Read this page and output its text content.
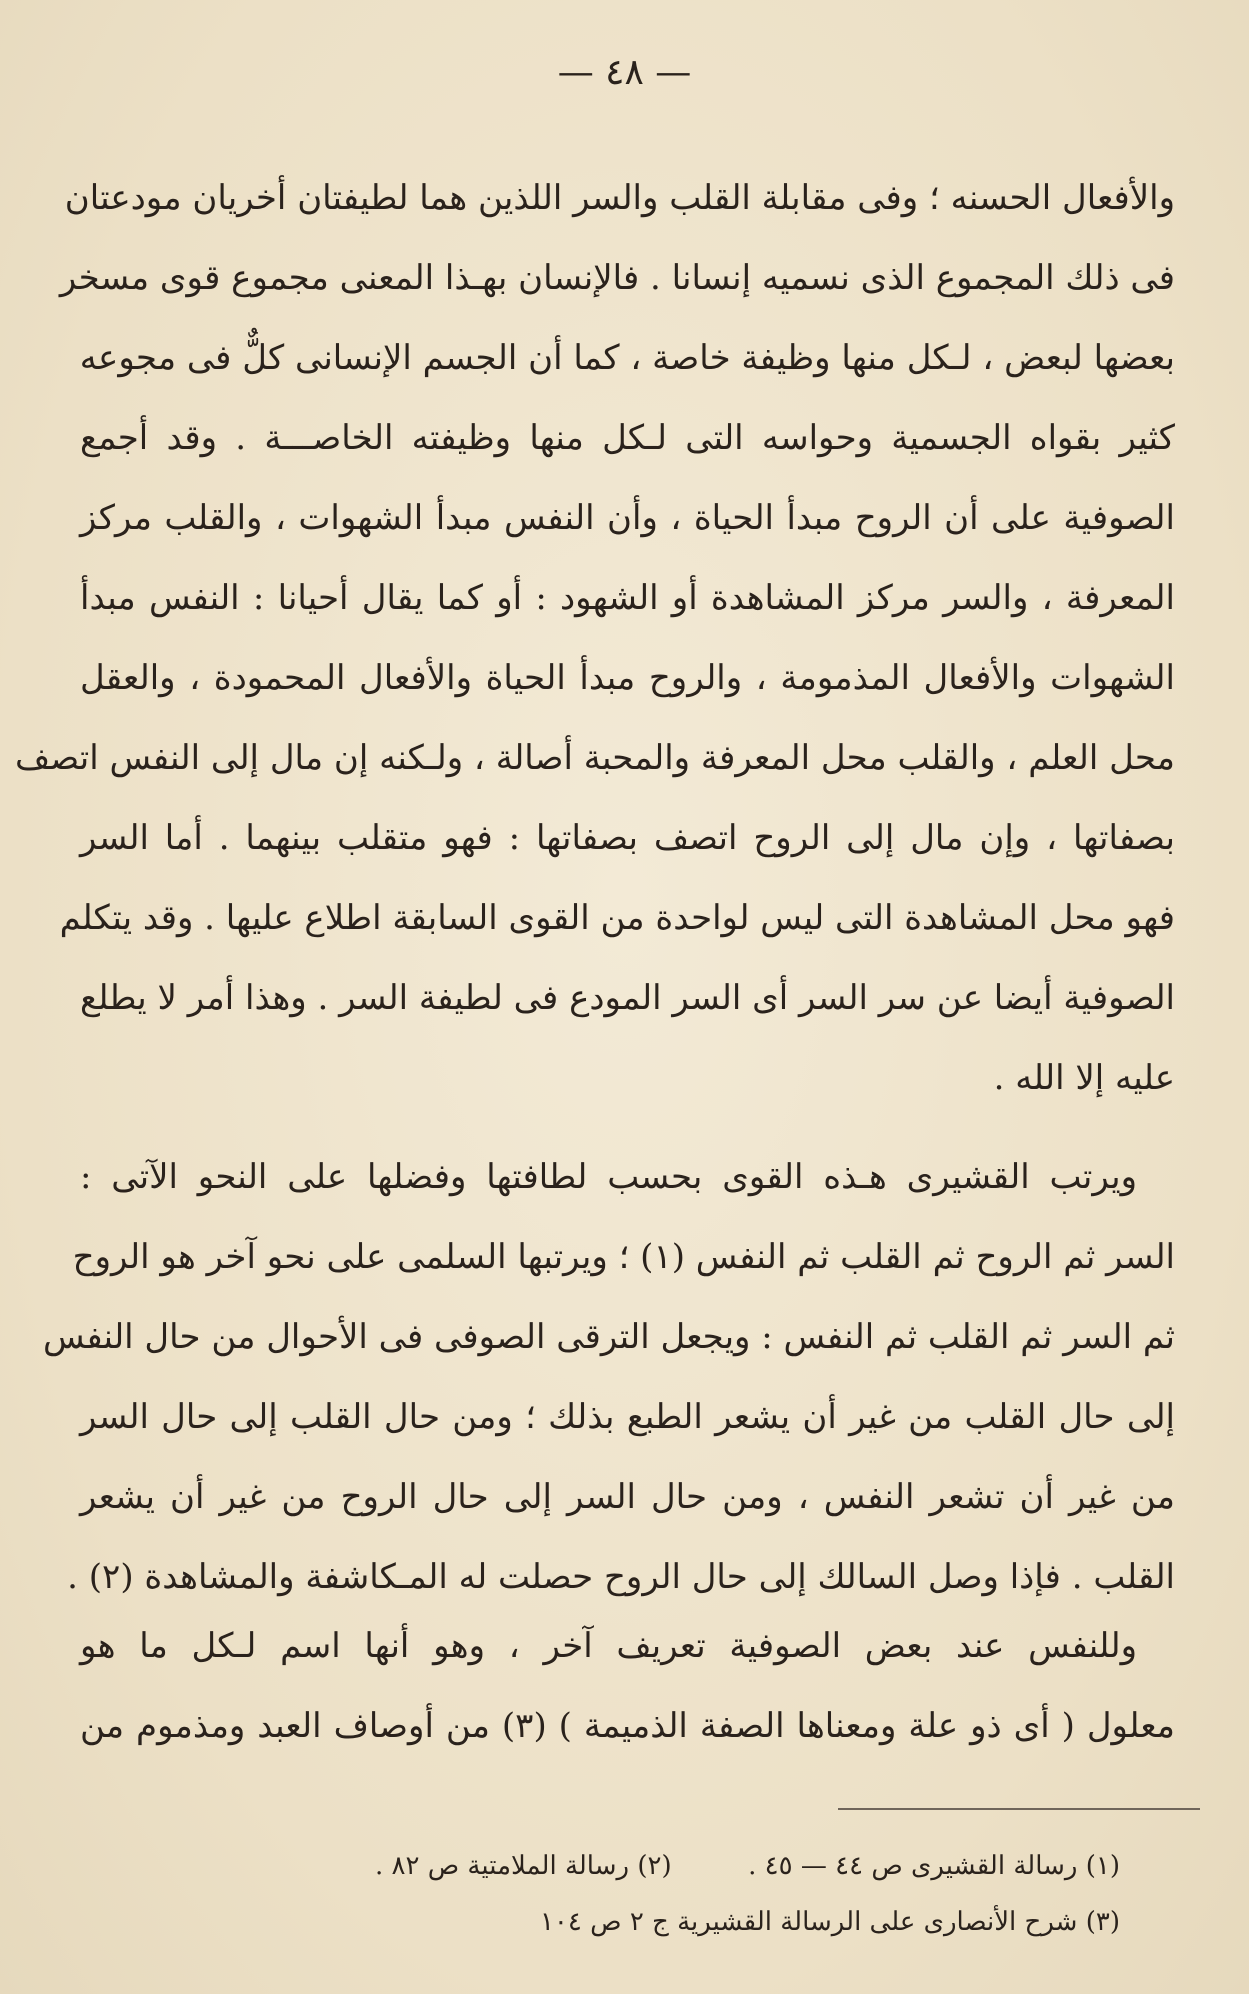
— ٤٨ —
والأفعال الحسنه ؛ وفى مقابلة القلب والسر اللذين هما لطيفتان أخريان مودعتان
فى ذلك المجموع الذى نسميه إنسانا . فالإنسان بهـذا المعنى مجموع قوى مسخر
بعضها لبعض ، لـكل منها وظيفة خاصة ، كما أن الجسم الإنسانى كلٌّ فى مجوعه
كثير بقواه الجسمية وحواسه التى لـكل منها وظيفته الخاصـــة . وقد أجمع
الصوفية على أن الروح مبدأ الحياة ، وأن النفس مبدأ الشهوات ، والقلب مركز
المعرفة ، والسر مركز المشاهدة أو الشهود : أو كما يقال أحيانا : النفس مبدأ
الشهوات والأفعال المذمومة ، والروح مبدأ الحياة والأفعال المحمودة ، والعقل
محل العلم ، والقلب محل المعرفة والمحبة أصالة ، ولـكنه إن مال إلى النفس اتصف
بصفاتها ، وإن مال إلى الروح اتصف بصفاتها : فهو متقلب بينهما . أما السر
فهو محل المشاهدة التى ليس لواحدة من القوى السابقة اطلاع عليها . وقد يتكلم
الصوفية أيضا عن سر السر أى السر المودع فى لطيفة السر . وهذا أمر لا يطلع
عليه إلا الله .
ويرتب القشيرى هـذه القوى بحسب لطافتها وفضلها على النحو الآتى :
السر ثم الروح ثم القلب ثم النفس (١) ؛ ويرتبها السلمى على نحو آخر هو الروح
ثم السر ثم القلب ثم النفس : ويجعل الترقى الصوفى فى الأحوال من حال النفس
إلى حال القلب من غير أن يشعر الطبع بذلك ؛ ومن حال القلب إلى حال السر
من غير أن تشعر النفس ، ومن حال السر إلى حال الروح من غير أن يشعر
القلب . فإذا وصل السالك إلى حال الروح حصلت له المـكاشفة والمشاهدة (٢) .
وللنفس عند بعض الصوفية تعريف آخر ، وهو أنها اسم لـكل ما هو
معلول ( أى ذو علة ومعناها الصفة الذميمة ) (٣) من أوصاف العبد ومذموم من
(١) رسالة القشيرى ص ٤٤ — ٤٥ .  (٢) رسالة الملامتية ص ٨٢ .
(٣) شرح الأنصارى على الرسالة القشيرية ج ٢ ص ١٠٤
